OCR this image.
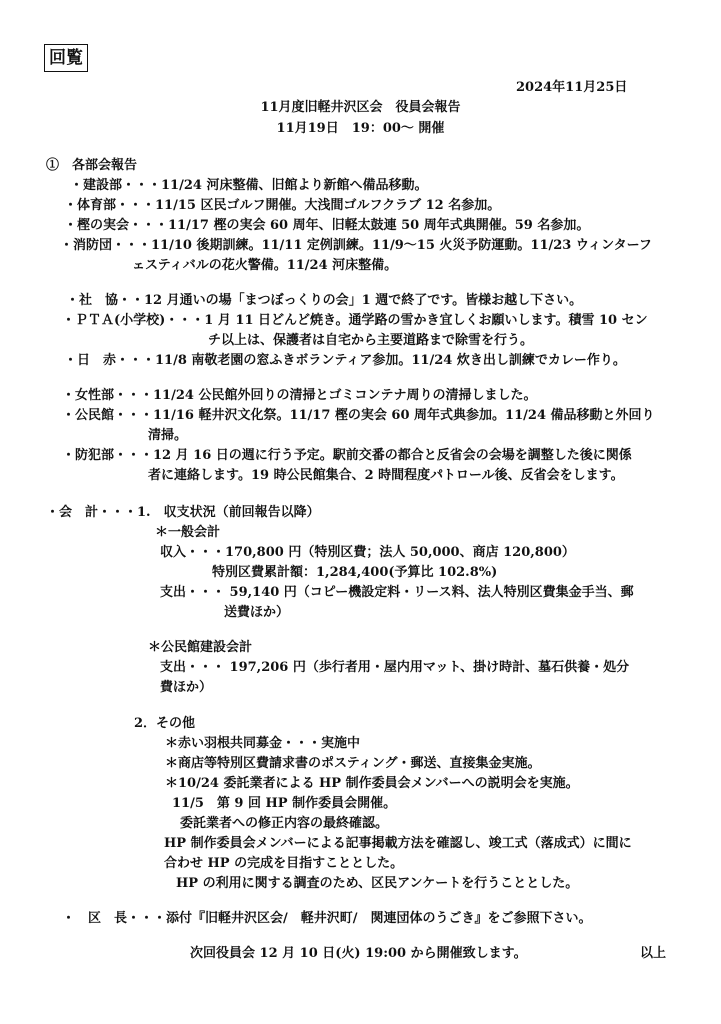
回覧
2024年11月25日
11月度旧軽井沢区会　役員会報告
11月19日　19：00～ 開催
①　各部会報告
・建設部・・・11/24 河床整備、旧館より新館へ備品移動。
・体育部・・・11/15 区民ゴルフ開催。大浅間ゴルフクラブ 12 名参加。
・樫の実会・・・11/17 樫の実会 60 周年、旧軽太鼓連 50 周年式典開催。59 名参加。
・消防団・・・11/10 後期訓練。11/11 定例訓練。11/9～15 火災予防運動。11/23 ウィンターフ
ェスティバルの花火警備。11/24 河床整備。
・社　協・・12 月通いの場「まつぼっくりの会」1 週で終了です。皆様お越し下さい。
・ＰＴＡ(小学校)・・・1 月 11 日どんど焼き。通学路の雪かき宜しくお願いします。積雪 10 セン
チ以上は、保護者は自宅から主要道路まで除雪を行う。
・日　赤・・・11/8 南敬老園の窓ふきボランティア参加。11/24 炊き出し訓練でカレー作り。
・女性部・・・11/24 公民館外回りの清掃とゴミコンテナ周りの清掃しました。
・公民館・・・11/16 軽井沢文化祭。11/17 樫の実会 60 周年式典参加。11/24 備品移動と外回り
清掃。
・防犯部・・・12 月 16 日の週に行う予定。駅前交番の都合と反省会の会場を調整した後に関係
者に連絡します。19 時公民館集合、2 時間程度パトロール後、反省会をします。
・会　計・・・1.　収支状況（前回報告以降）
＊一般会計
収入・・・170,800 円（特別区費；法人 50,000、商店 120,800）
特別区費累計額：1,284,400(予算比 102.8%)
支出・・・ 59,140 円（コピー機設定料・リース料、法人特別区費集金手当、郵
送費ほか）
＊公民館建設会計
支出・・・ 197,206 円（歩行者用・屋内用マット、掛け時計、墓石供養・処分
費ほか）
2．その他
＊赤い羽根共同募金・・・実施中
＊商店等特別区費請求書のポスティング・郵送、直接集金実施。
＊10/24 委託業者による HP 制作委員会メンバーへの説明会を実施。
11/5　第 9 回 HP 制作委員会開催。
委託業者への修正内容の最終確認。
HP 制作委員会メンバーによる記事掲載方法を確認し、竣工式（落成式）に間に
合わせ HP の完成を目指すこととした。
HP の利用に関する調査のため、区民アンケートを行うこととした。
・　区　長・・・添付『旧軽井沢区会/　軽井沢町/　関連団体のうごき』をご参照下さい。
次回役員会 12 月 10 日(火) 19:00 から開催致します。	以上
